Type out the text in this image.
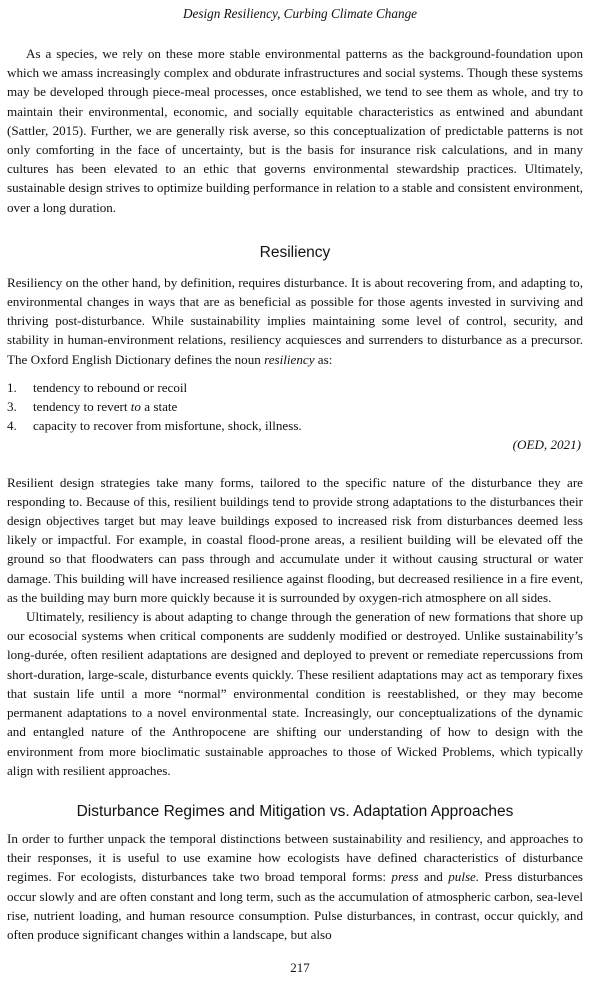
Design Resiliency, Curbing Climate Change

As a species, we rely on these more stable environmental patterns as the background-foundation upon which we amass increasingly complex and obdurate infrastructures and social systems. Though these systems may be developed through piece-meal processes, once established, we tend to see them as whole, and try to maintain their environmental, economic, and socially equitable characteristics as entwined and abundant (Sattler, 2015). Further, we are generally risk averse, so this conceptualization of predictable patterns is not only comforting in the face of uncertainty, but is the basis for insurance risk calculations, and in many cultures has been elevated to an ethic that governs environmental stewardship practices. Ultimately, sustainable design strives to optimize building performance in relation to a stable and consistent environment, over a long duration.

Resiliency

Resiliency on the other hand, by definition, requires disturbance. It is about recovering from, and adapting to, environmental changes in ways that are as beneficial as possible for those agents invested in surviving and thriving post-disturbance. While sustainability implies maintaining some level of control, security, and stability in human-environment relations, resiliency acquiesces and surrenders to disturbance as a precursor. The Oxford English Dictionary defines the noun resiliency as:

1. tendency to rebound or recoil
3. tendency to revert to a state
4. capacity to recover from misfortune, shock, illness.
(OED, 2021)

Resilient design strategies take many forms, tailored to the specific nature of the disturbance they are responding to. Because of this, resilient buildings tend to provide strong adaptations to the disturbances their design objectives target but may leave buildings exposed to increased risk from disturbances deemed less likely or impactful. For example, in coastal flood-prone areas, a resilient building will be elevated off the ground so that floodwaters can pass through and accumulate under it without causing structural or water damage. This building will have increased resilience against flooding, but decreased resilience in a fire event, as the building may burn more quickly because it is surrounded by oxygen-rich atmosphere on all sides.

Ultimately, resiliency is about adapting to change through the generation of new formations that shore up our ecosocial systems when critical components are suddenly modified or destroyed. Unlike sustainability’s long-durée, often resilient adaptations are designed and deployed to prevent or remediate repercussions from short-duration, large-scale, disturbance events quickly. These resilient adaptations may act as temporary fixes that sustain life until a more “normal” environmental condition is reestablished, or they may become permanent adaptations to a novel environmental state. Increasingly, our conceptualizations of the dynamic and entangled nature of the Anthropocene are shifting our understanding of how to design with the environment from more bioclimatic sustainable approaches to those of Wicked Problems, which typically align with resilient approaches.

Disturbance Regimes and Mitigation vs. Adaptation Approaches

In order to further unpack the temporal distinctions between sustainability and resiliency, and approaches to their responses, it is useful to use examine how ecologists have defined characteristics of disturbance regimes. For ecologists, disturbances take two broad temporal forms: press and pulse. Press disturbances occur slowly and are often constant and long term, such as the accumulation of atmospheric carbon, sea-level rise, nutrient loading, and human resource consumption. Pulse disturbances, in contrast, occur quickly, and often produce significant changes within a landscape, but also

217
